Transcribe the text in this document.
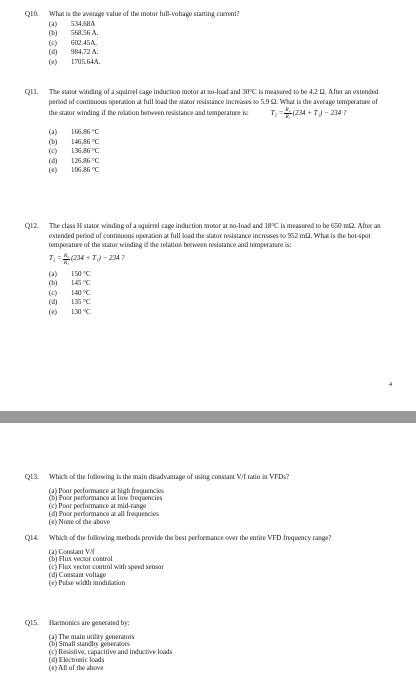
Q10. What is the average value of the motor full-voltage starting current?
(a)	534.68A
(b)	568.56 A.
(c)	602.45A.
(d)	984.72 A.
(e)	1705.64A.
Q11. The stator winding of a squirrel cage induction motor at no-load and 30°C is measured to be 4.2 Ω. After an extended period of continuous operation at full load the stator resistance increases to 5.9 Ω. What is the average temperature of the stator winding if the relation between resistance and temperature is:	$T_2 = \frac{\text{R₂}}{\text{R₁}} (234 + T_1) - 234$ ?
(a)	166.86 °C
(b)	146.86 °C
(c)	136.86 °C
(d)	126.86 °C
(e)	106.86 °C
Q12. The class H stator winding of a squirrel cage induction motor at no-load and 18°C is measured to be 650 mΩ. After an extended period of continuous operation at full load the stator resistance increases to 952 mΩ. What is the hot-spot temperature of the stator winding if the relation between resistance and temperature is:
$T_2 = \frac{\text{R₂}}{\text{R₁}} (234 + T_1) - 234$ ?
(a)	150 °C
(b)	145 °C
(c)	140 °C
(d)	135 °C
(e)	130 °C
4
Q13. Which of the following is the main disadvantage of using constant V/f ratio in VFDs?
(a) Poor performance at high frequencies
(b) Poor performance at low frequencies
(c) Poor performance at mid-range
(d) Poor performance at all frequencies
(e) None of the above
Q14. Which of the following methods provide the best performance over the entire VFD frequency range?
(a) Constant V/f
(b) Flux vector control
(c) Flux vector control with speed sensor
(d) Constant voltage
(e) Pulse width modulation
Q15. Harmonics are generated by:
(a) The main utility generators
(b) Small standby generators
(c) Resistive, capacitive and inductive loads
(d) Electronic loads
(e) All of the above
